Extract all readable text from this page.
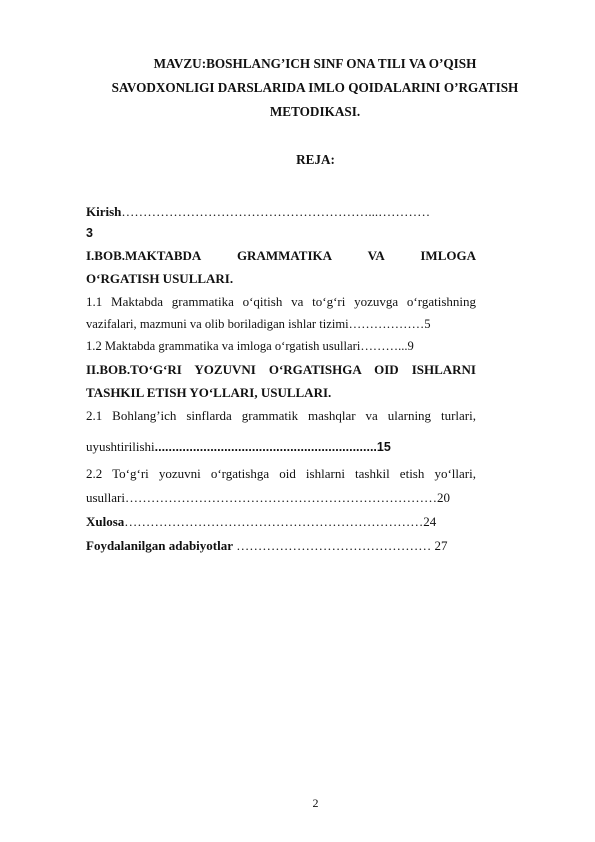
MAVZU:BOSHLANG’ICH SINF ONA TILI VA O’QISH
SAVODXONLIGI DARSLARIDA IMLO QOIDALARINI O’RGATISH
METODIKASI.
REJA:
Kirish…………………………………………………...…………
3
I.BOB.MAKTABDA	GRAMMATIKA	VA	IMLOGA
O‘RGATISH USULLARI.
1.1 Maktabda grammatika o‘qitish va to‘g‘ri yozuvga o‘rgatishning
vazifalari, mazmuni va olib boriladigan ishlar tizimi………………5
1.2 Maktabda grammatika va imloga o‘rgatish usullari………...9
II.BOB.TO‘G‘RI YOZUVNI O‘RGATISHGA OID ISHLARNI
TASHKIL ETISH YO‘LLARI, USULLARI.
2.1 Bohlang’ich sinflarda grammatik mashqlar va ularning turlari,
uyushtirilishi................................................................15
2.2 To‘g‘ri yozuvni o‘rgatishga oid ishlarni tashkil etish yo‘llari,
usullari………………………………………………………………20
Xulosa……………………………………………………………24
Foydalanilgan adabiyotlar ……………………………………… 27
2
